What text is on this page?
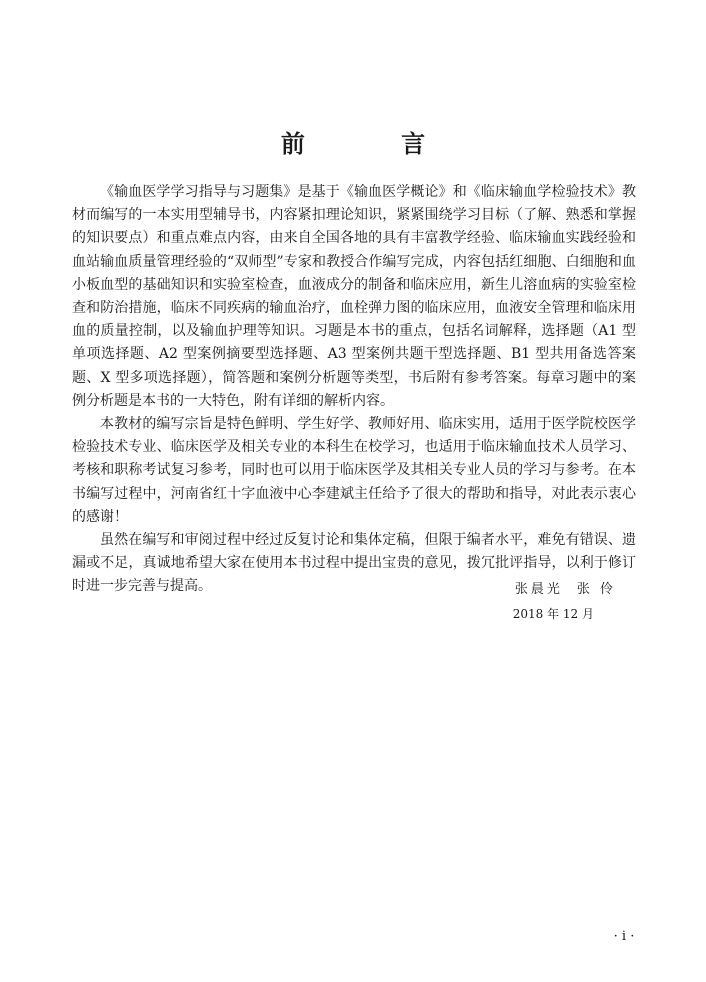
前 言

《输血医学学习指导与习题集》是基于《输血医学概论》和《临床输血学检验技术》教材而编写的一本实用型辅导书，内容紧扣理论知识，紧紧围绕学习目标（了解、熟悉和掌握的知识要点）和重点难点内容，由来自全国各地的具有丰富教学经验、临床输血实践经验和血站输血质量管理经验的“双师型”专家和教授合作编写完成，内容包括红细胞、白细胞和血小板血型的基础知识和实验室检查，血液成分的制备和临床应用，新生儿溶血病的实验室检查和防治措施，临床不同疾病的输血治疗，血栓弹力图的临床应用，血液安全管理和临床用血的质量控制，以及输血护理等知识。习题是本书的重点，包括名词解释，选择题（A1 型单项选择题、A2 型案例摘要型选择题、A3 型案例共题干型选择题、B1 型共用备选答案题、X 型多项选择题），简答题和案例分析题等类型，书后附有参考答案。每章习题中的案例分析题是本书的一大特色，附有详细的解析内容。

本教材的编写宗旨是特色鲜明、学生好学、教师好用、临床实用，适用于医学院校医学检验技术专业、临床医学及相关专业的本科生在校学习，也适用于临床输血技术人员学习、考核和职称考试复习参考，同时也可以用于临床医学及其相关专业人员的学习与参考。在本书编写过程中，河南省红十字血液中心李建斌主任给予了很大的帮助和指导，对此表示衷心的感谢！

虽然在编写和审阅过程中经过反复讨论和集体定稿，但限于编者水平，难免有错误、遗漏或不足，真诚地希望大家在使用本书过程中提出宝贵的意见，拨冗批评指导，以利于修订时进一步完善与提高。	张晨光 张 伶
2018 年 12 月
· i ·
